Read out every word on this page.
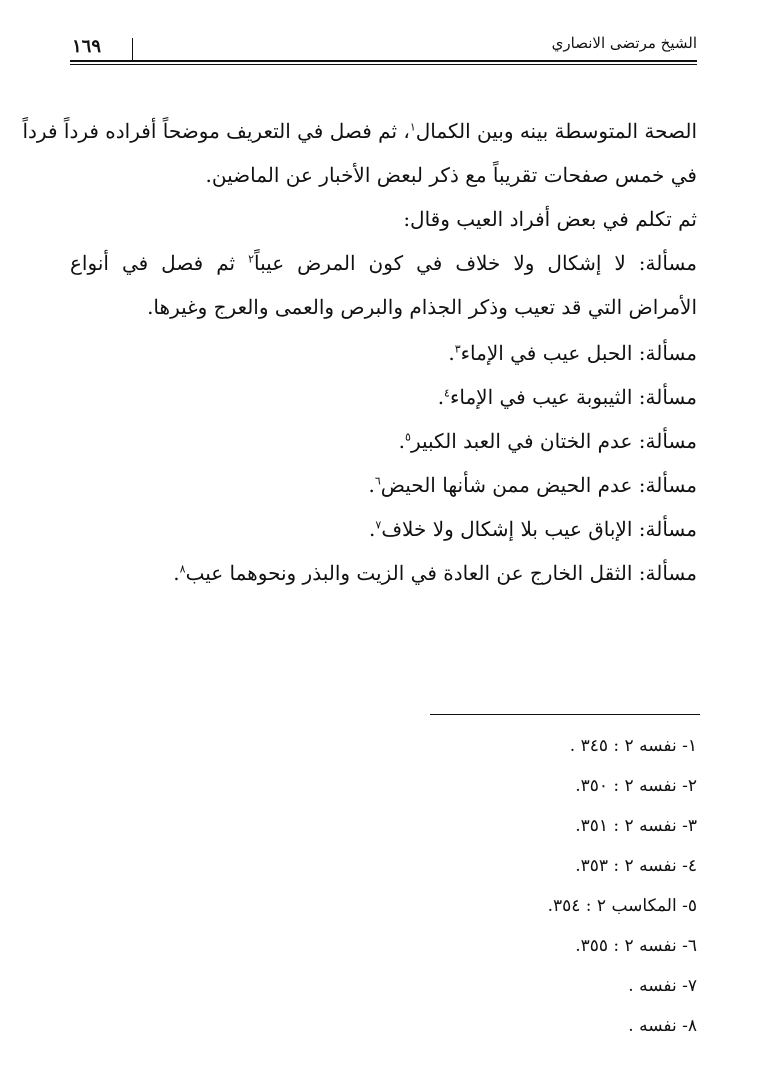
الشيخ مرتضى الانصاري
١٦٩
الصحة المتوسطة بينه وبين الكمال$^١$، ثم فصل في التعريف موضحاً أفراده فرداً فرداً
في خمس صفحات تقريباً مع ذكر لبعض الأخبار عن الماضين.
ثم تكلم في بعض أفراد العيب وقال:
مسألة: لا إشكال ولا خلاف في كون المرض عيباً$^٢$ ثم فصل في أنواع
الأمراض التي قد تعيب وذكر الجذام والبرص والعمى والعرج وغيرها.
مسألة: الحبل عيب في الإماء$^٣$.
مسألة: الثيبوبة عيب في الإماء$^٤$.
مسألة: عدم الختان في العبد الكبير$^٥$.
مسألة: عدم الحيض ممن شأنها الحيض$^٦$.
مسألة: الإباق عيب بلا إشكال ولا خلاف$^٧$.
مسألة: الثقل الخارج عن العادة في الزيت والبذر ونحوهما عيب$^٨$.
١- نفسه ٢ : ٣٤٥ .
٢- نفسه ٢ : ٣٥٠.
٣- نفسه ٢ : ٣٥١.
٤- نفسه ٢ : ٣٥٣.
٥- المكاسب ٢ : ٣٥٤.
٦- نفسه ٢ : ٣٥٥.
٧- نفسه .
٨- نفسه .
